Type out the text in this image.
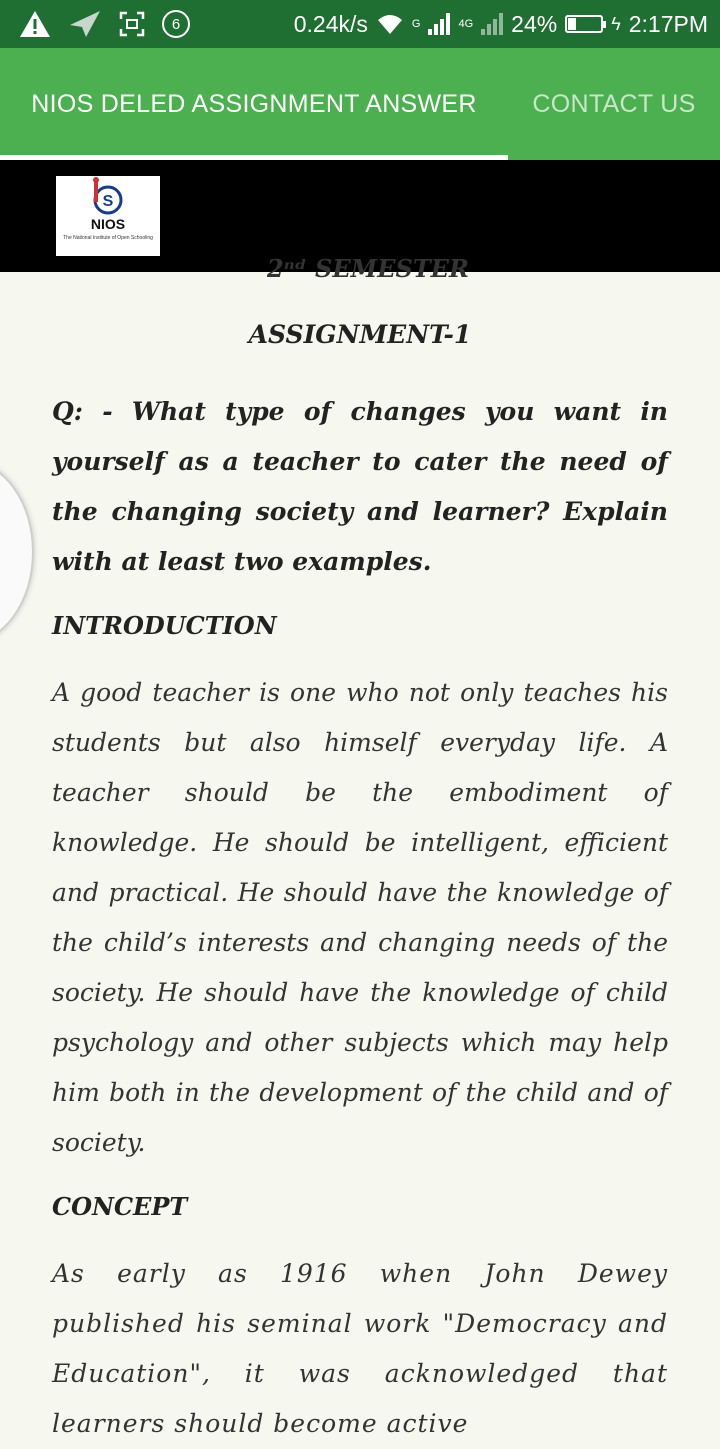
6	0.24k/s	G	4G 24%	ϟ 2:17PM
NIOS DELED ASSIGNMENT ANSWER CONTACT US
S
NIOS
The National Institute of Open Schooling
2ⁿᵈ SEMESTER
ASSIGNMENT-1
Q: - What type of changes you want in yourself as a teacher to cater the need of the changing society and learner? Explain with at least two examples.
INTRODUCTION
A good teacher is one who not only teaches his students but also himself everyday life. A teacher should be the embodiment of knowledge. He should be intelligent, efficient and practical. He should have the knowledge of the child’s interests and changing needs of the society. He should have the knowledge of child psychology and other subjects which may help him both in the development of the child and of society.
CONCEPT
As early as 1916 when John Dewey published his seminal work "Democracy and Education", it was acknowledged that learners should become active
